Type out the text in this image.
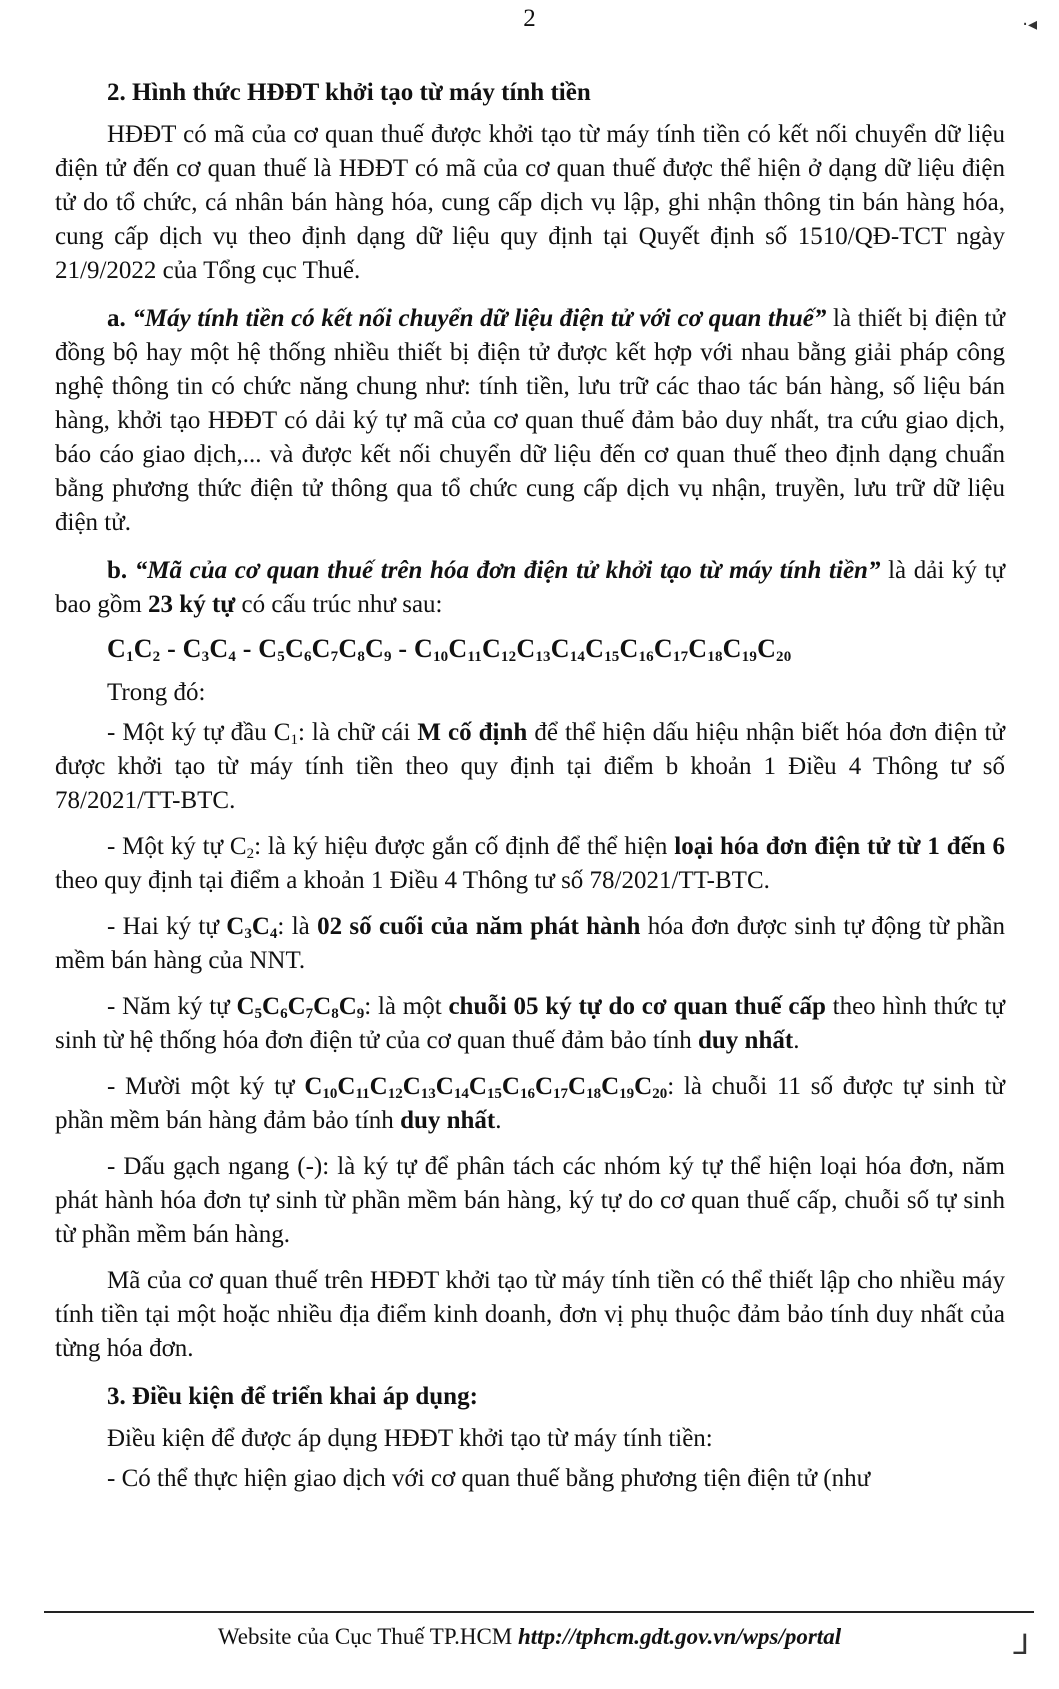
2	·◂

2. Hình thức HĐĐT khởi tạo từ máy tính tiền

HĐĐT có mã của cơ quan thuế được khởi tạo từ máy tính tiền có kết nối chuyển dữ liệu điện tử đến cơ quan thuế là HĐĐT có mã của cơ quan thuế được thể hiện ở dạng dữ liệu điện tử do tổ chức, cá nhân bán hàng hóa, cung cấp dịch vụ lập, ghi nhận thông tin bán hàng hóa, cung cấp dịch vụ theo định dạng dữ liệu quy định tại Quyết định số 1510/QĐ-TCT ngày 21/9/2022 của Tổng cục Thuế.

a. “Máy tính tiền có kết nối chuyển dữ liệu điện tử với cơ quan thuế” là thiết bị điện tử đồng bộ hay một hệ thống nhiều thiết bị điện tử được kết hợp với nhau bằng giải pháp công nghệ thông tin có chức năng chung như: tính tiền, lưu trữ các thao tác bán hàng, số liệu bán hàng, khởi tạo HĐĐT có dải ký tự mã của cơ quan thuế đảm bảo duy nhất, tra cứu giao dịch, báo cáo giao dịch,... và được kết nối chuyển dữ liệu đến cơ quan thuế theo định dạng chuẩn bằng phương thức điện tử thông qua tổ chức cung cấp dịch vụ nhận, truyền, lưu trữ dữ liệu điện tử.

b. “Mã của cơ quan thuế trên hóa đơn điện tử khởi tạo từ máy tính tiền” là dải ký tự bao gồm 23 ký tự có cấu trúc như sau:

$C_1C_2 - C_3C_4 - C_5C_6C_7C_8C_9 - C_{10}C_{11}C_{12}C_{13}C_{14}C_{15}C_{16}C_{17}C_{18}C_{19}C_{20}$

Trong đó:

- Một ký tự đầu $C_1$: là chữ cái M cố định để thể hiện dấu hiệu nhận biết hóa đơn điện tử được khởi tạo từ máy tính tiền theo quy định tại điểm b khoản 1 Điều 4 Thông tư số 78/2021/TT-BTC.

- Một ký tự $C_2$: là ký hiệu được gắn cố định để thể hiện loại hóa đơn điện tử từ 1 đến 6 theo quy định tại điểm a khoản 1 Điều 4 Thông tư số 78/2021/TT-BTC.

- Hai ký tự $C_3C_4$: là 02 số cuối của năm phát hành hóa đơn được sinh tự động từ phần mềm bán hàng của NNT.

- Năm ký tự $C_5C_6C_7C_8C_9$: là một chuỗi 05 ký tự do cơ quan thuế cấp theo hình thức tự sinh từ hệ thống hóa đơn điện tử của cơ quan thuế đảm bảo tính duy nhất.

- Mười một ký tự $C_{10}C_{11}C_{12}C_{13}C_{14}C_{15}C_{16}C_{17}C_{18}C_{19}C_{20}$: là chuỗi 11 số được tự sinh từ phần mềm bán hàng đảm bảo tính duy nhất.

- Dấu gạch ngang (-): là ký tự để phân tách các nhóm ký tự thể hiện loại hóa đơn, năm phát hành hóa đơn tự sinh từ phần mềm bán hàng, ký tự do cơ quan thuế cấp, chuỗi số tự sinh từ phần mềm bán hàng.

Mã của cơ quan thuế trên HĐĐT khởi tạo từ máy tính tiền có thể thiết lập cho nhiều máy tính tiền tại một hoặc nhiều địa điểm kinh doanh, đơn vị phụ thuộc đảm bảo tính duy nhất của từng hóa đơn.

3. Điều kiện để triển khai áp dụng:

Điều kiện để được áp dụng HĐĐT khởi tạo từ máy tính tiền:

- Có thể thực hiện giao dịch với cơ quan thuế bằng phương tiện điện tử (như

Website của Cục Thuế TP.HCM http://tphcm.gdt.gov.vn/wps/portal	⅃
